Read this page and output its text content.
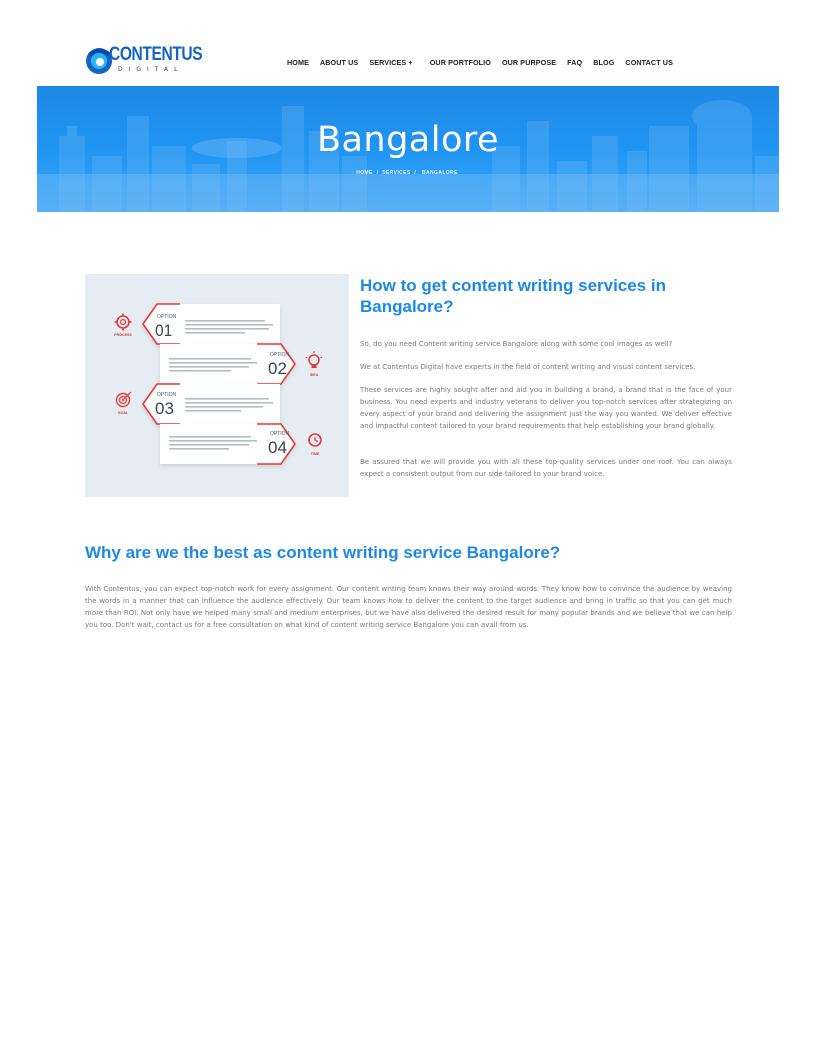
CONTENTUS
DIGITAL
HOME ABOUT US SERVICES + OUR PORTFOLIO OUR PURPOSE FAQ BLOG CONTACT US
Bangalore
HOME / SERVICES / BANGALORE
OPTION
01
PROCESS
OPTION
02	IDEA
OPTION
03
GOAL
OPTION
04	TIME
How to get content writing services in Bangalore?

So, do you need Content writing service Bangalore along with some cool images as well?

We at Contentus Digital have experts in the field of content writing and visual content services.

These services are highly sought after and aid you in building a brand, a brand that is the face of your business. You need experts and industry veterans to deliver you top-notch services after strategizing on every aspect of your brand and delivering the assignment just the way you wanted. We deliver effective and impactful content tailored to your brand requirements that help establishing your brand globally.

Be assured that we will provide you with all these top-quality services under one roof. You can always expect a consistent output from our side tailored to your brand voice.

Why are we the best as content writing service Bangalore?

With Contentus, you can expect top-notch work for every assignment. Our content writing team knows their way around words. They know how to convince the audience by weaving the words in a manner that can influence the audience effectively. Our team knows how to deliver the content to the target audience and bring in traffic so that you can get much more than ROI. Not only have we helped many small and medium enterprises, but we have also delivered the desired result for many popular brands and we believe that we can help you too. Don't wait, contact us for a free consultation on what kind of content writing service Bangalore you can avail from us.
